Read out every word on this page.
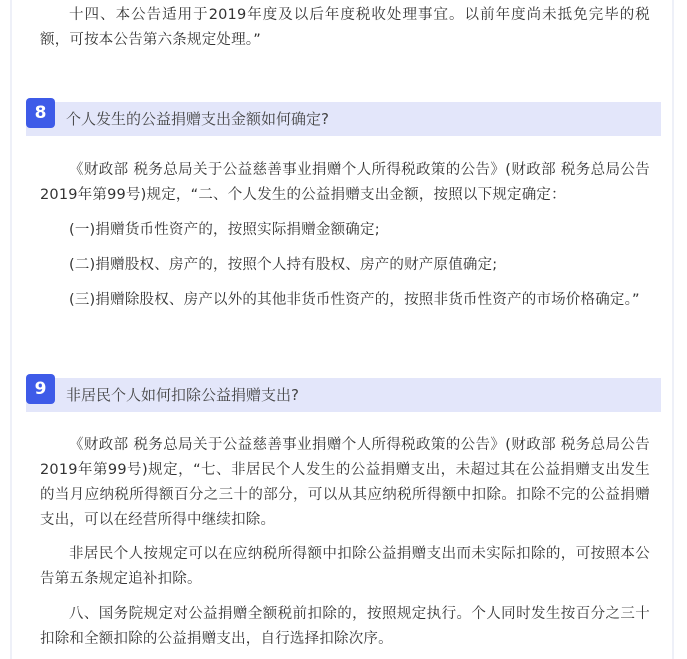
十四、本公告适用于2019年度及以后年度税收处理事宜。以前年度尚未抵免完毕的税额，可按本公告第六条规定处理。”

8	个人发生的公益捐赠支出金额如何确定?

《财政部 税务总局关于公益慈善事业捐赠个人所得税政策的公告》(财政部 税务总局公告2019年第99号)规定，“二、个人发生的公益捐赠支出金额，按照以下规定确定：

(一)捐赠货币性资产的，按照实际捐赠金额确定;

(二)捐赠股权、房产的，按照个人持有股权、房产的财产原值确定;

(三)捐赠除股权、房产以外的其他非货币性资产的，按照非货币性资产的市场价格确定。”

9	非居民个人如何扣除公益捐赠支出?

《财政部 税务总局关于公益慈善事业捐赠个人所得税政策的公告》(财政部 税务总局公告2019年第99号)规定，“七、非居民个人发生的公益捐赠支出，未超过其在公益捐赠支出发生的当月应纳税所得额百分之三十的部分，可以从其应纳税所得额中扣除。扣除不完的公益捐赠支出，可以在经营所得中继续扣除。

非居民个人按规定可以在应纳税所得额中扣除公益捐赠支出而未实际扣除的，可按照本公告第五条规定追补扣除。

八、国务院规定对公益捐赠全额税前扣除的，按照规定执行。个人同时发生按百分之三十扣除和全额扣除的公益捐赠支出，自行选择扣除次序。
